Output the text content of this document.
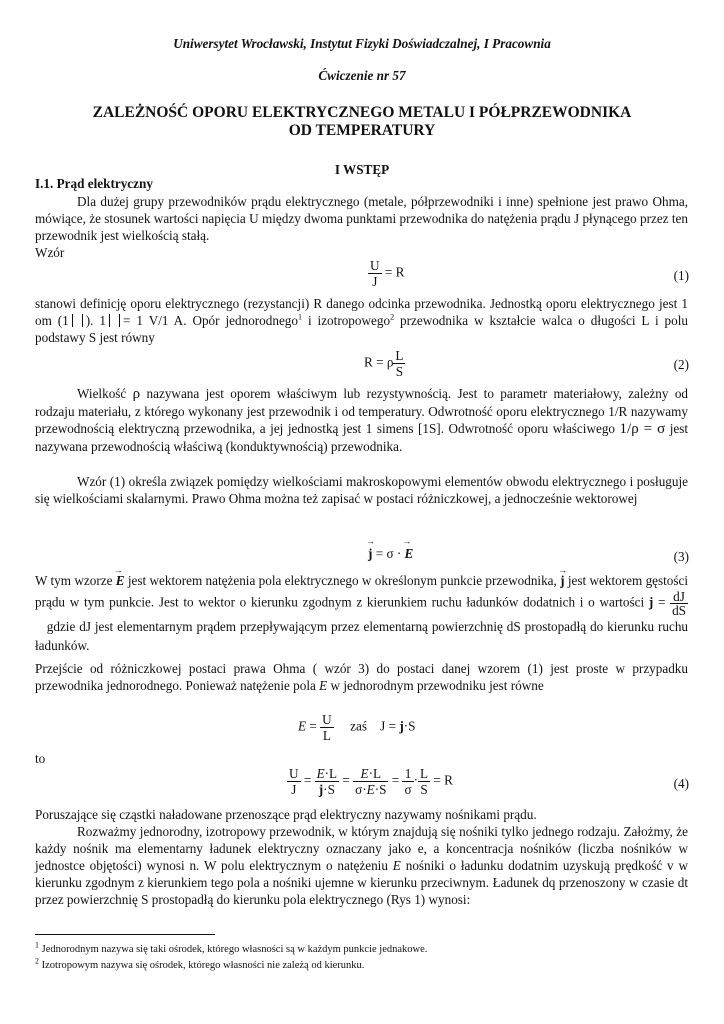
Uniwersytet Wrocławski, Instytut Fizyki Doświadczalnej, I Pracownia
Ćwiczenie nr 57
ZALEŻNOŚĆ OPORU ELEKTRYCZNEGO METALU I PÓŁPRZEWODNIKA
OD TEMPERATURY
I WSTĘP
I.1. Prąd elektryczny
Dla dużej grupy przewodników prądu elektrycznego (metale, półprzewodniki i inne) spełnione jest prawo Ohma, mówiące, że stosunek wartości napięcia U między dwoma punktami przewodnika do natężenia prądu J płynącego przez ten przewodnik jest wielkością stałą.
Wzór
$\frac{U}{J} = R$	(1)
stanowi definicję oporu elektrycznego (rezystancji) R danego odcinka przewodnika. Jednostką oporu elektrycznego jest 1 om (1 ). 1 = 1 V/1 A. Opór jednorodnego$^1$ i izotropowego$^2$ przewodnika w kształcie walca o długości L i polu podstawy S jest równy
R = ρ $\frac{L}{S}$	(2)
Wielkość ρ nazywana jest oporem właściwym lub rezystywnością. Jest to parametr materiałowy, zależny od rodzaju materiału, z którego wykonany jest przewodnik i od temperatury. Odwrotność oporu elektrycznego 1/R nazywamy przewodnością elektryczną przewodnika, a jej jednostką jest 1 simens [1S]. Odwrotność oporu właściwego 1/ρ = σ jest nazywana przewodnością właściwą (konduktywnością) przewodnika.
Wzór (1) określa związek pomiędzy wielkościami makroskopowymi elementów obwodu elektrycznego i posługuje się wielkościami skalarnymi. Prawo Ohma można też zapisać w postaci różniczkowej, a jednocześnie wektorowej
→ j = σ · → E	(3)
W tym wzorze → E jest wektorem natężenia pola elektrycznego w określonym punkcie przewodnika, → j jest wektorem gęstości prądu w tym punkcie. Jest to wektor o kierunku zgodnym z kierunkiem ruchu ładunków dodatnich i o wartości $j = \frac{dJ}{dS}$
gdzie dJ jest elementarnym prądem przepływającym przez elementarną powierzchnię dS prostopadłą do kierunku ruchu ładunków.
Przejście od różniczkowej postaci prawa Ohma ( wzór 3) do postaci danej wzorem (1) jest proste w przypadku przewodnika jednorodnego. Ponieważ natężenie pola E w jednorodnym przewodniku jest równe
$E = \frac{U}{L}$ zaś J = j·S
to
$\frac{U}{J} = \frac{E\cdot L}{j\cdot S} = \frac{E\cdot L}{\sigma\cdot E\cdot S} = \frac{1}{\sigma} \cdot \frac{L}{S} = R$	(4)
Poruszające się cząstki naładowane przenoszące prąd elektryczny nazywamy nośnikami prądu.
Rozważmy jednorodny, izotropowy przewodnik, w którym znajdują się nośniki tylko jednego rodzaju. Założmy, że każdy nośnik ma elementarny ładunek elektryczny oznaczany jako e, a koncentracja nośników (liczba nośników w jednostce objętości) wynosi n. W polu elektrycznym o natężeniu E nośniki o ładunku dodatnim uzyskują prędkość v w kierunku zgodnym z kierunkiem tego pola a nośniki ujemne w kierunku przeciwnym. Ładunek dq przenoszony w czasie dt przez powierzchnię S prostopadłą do kierunku pola elektrycznego (Rys 1) wynosi:
$^1$ Jednorodnym nazywa się taki ośrodek, którego własności są w każdym punkcie jednakowe.
$^2$ Izotropowym nazywa się ośrodek, którego własności nie zależą od kierunku.
